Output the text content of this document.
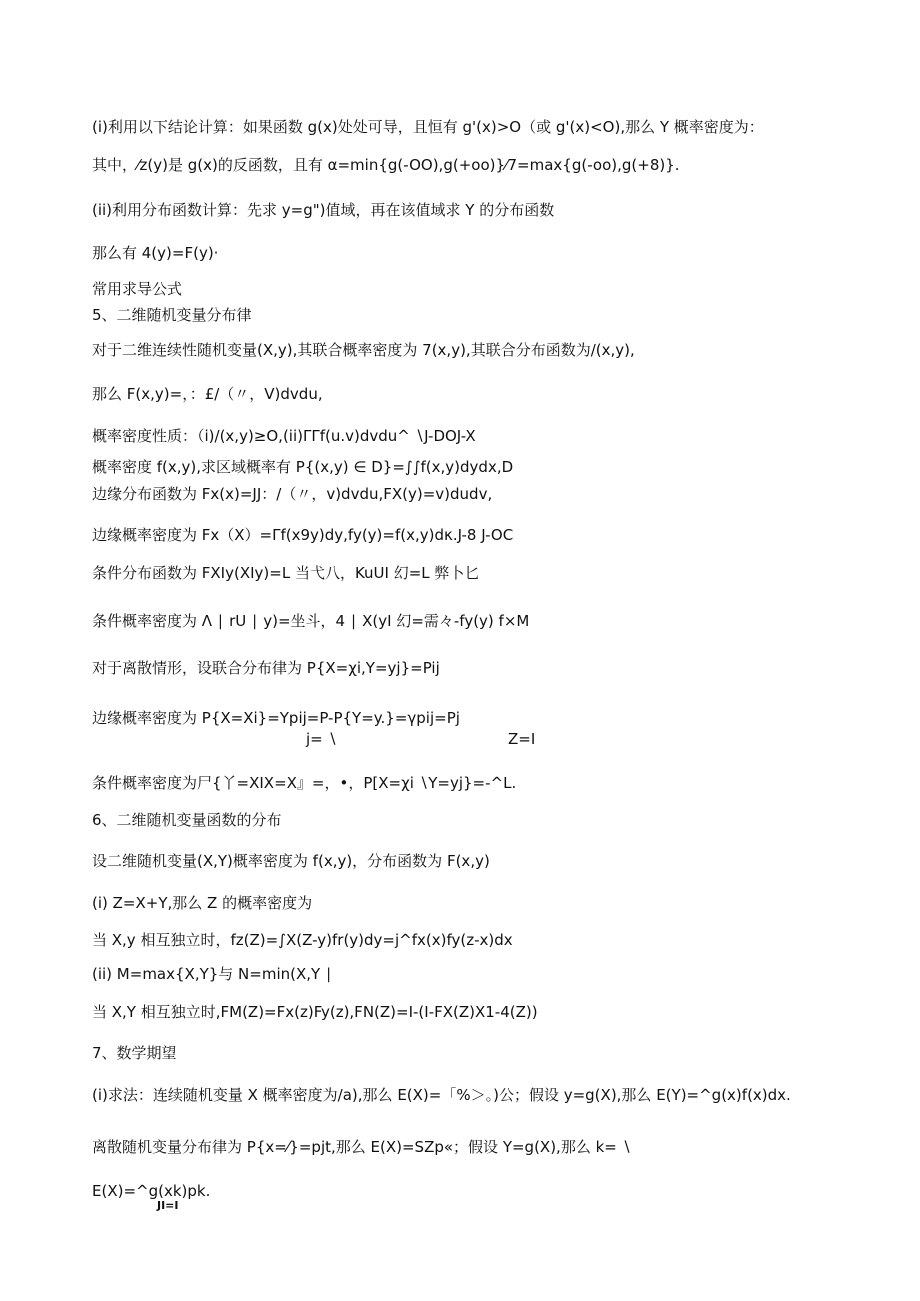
(i)利用以下结论计算：如果函数 g(x)处处可导，且恒有 g'(x)>O（或 g'(x)<O),那么 Y 概率密度为：
其中，⁄z(y)是 g(x)的反函数，且有 α=min{g(-OO),g(+oo)}⁄7=max{g(-oo),g(+8)}.
(ii)利用分布函数计算：先求 y=g")值域，再在该值域求 Y 的分布函数
那么有 4(y)=F(y)·
常用求导公式
5、二维随机变量分布律
对于二维连续性随机变量(X,y),其联合概率密度为 7(x,y),其联合分布函数为/(x,y),
那么 F(x,y)=，：£/（〃，V)dvdu,
概率密度性质：（i)/(x,y)≥O,(ii)ΓΓf(u.v)dvdu^ ∖J-DOJ-X
概率密度 f(x,y),求区域概率有 P{(x,y) ∈ D}=∫∫f(x,y)dydx,D
边缘分布函数为 Fx(x)=JJ：/（〃，v)dvdu,FX(y)=v)dudv,
边缘概率密度为 Fx（X）=Γf(x9y)dy,fy(y)=f(x,y)dκ.J-8 J-OC
条件分布函数为 FXIy(XIy)=L 当弋八，KuUI 幻=L 弊卜匕
条件概率密度为 Λ ∣ rU ∣ y)=坐斗，4 ∣ X(yI 幻=需々-fy(y) f×M
对于离散情形，设联合分布律为 P{X=χi,Y=yj}=Pij
边缘概率密度为 P{X=Xi}=Ypij=P-P{Y=y.}=γpij=Pj
j= ∖	Z=I
条件概率密度为尸{丫=XIX=X』=，•，P[X=χi ∖Y=yj}=-^L.
6、二维随机变量函数的分布
设二维随机变量(X,Y)概率密度为 f(x,y)，分布函数为 F(x,y)
(i) Z=X+Y,那么 Z 的概率密度为
当 X,y 相互独立时，fz(Z)=∫X(Z-y)fr(y)dy=j^fx(x)fy(z-x)dx
(ii) M=max{X,Y}与 N=min(X,Y ∣
当 X,Y 相互独立时,FM(Z)=Fx(z)Fy(z),FN(Z)=I-(I-FX(Z)X1-4(Z))
7、数学期望
(i)求法：连续随机变量 X 概率密度为/a),那么 E(X)=「%＞。)公；假设 y=g(X),那么 E(Y)=^g(x)f(x)dx.
离散随机变量分布律为 P{x=⁄}=pjt,那么 E(X)=SZp«；假设 Y=g(X),那么 k= ∖
E(X)=^g(xk)pk.
JI=I
